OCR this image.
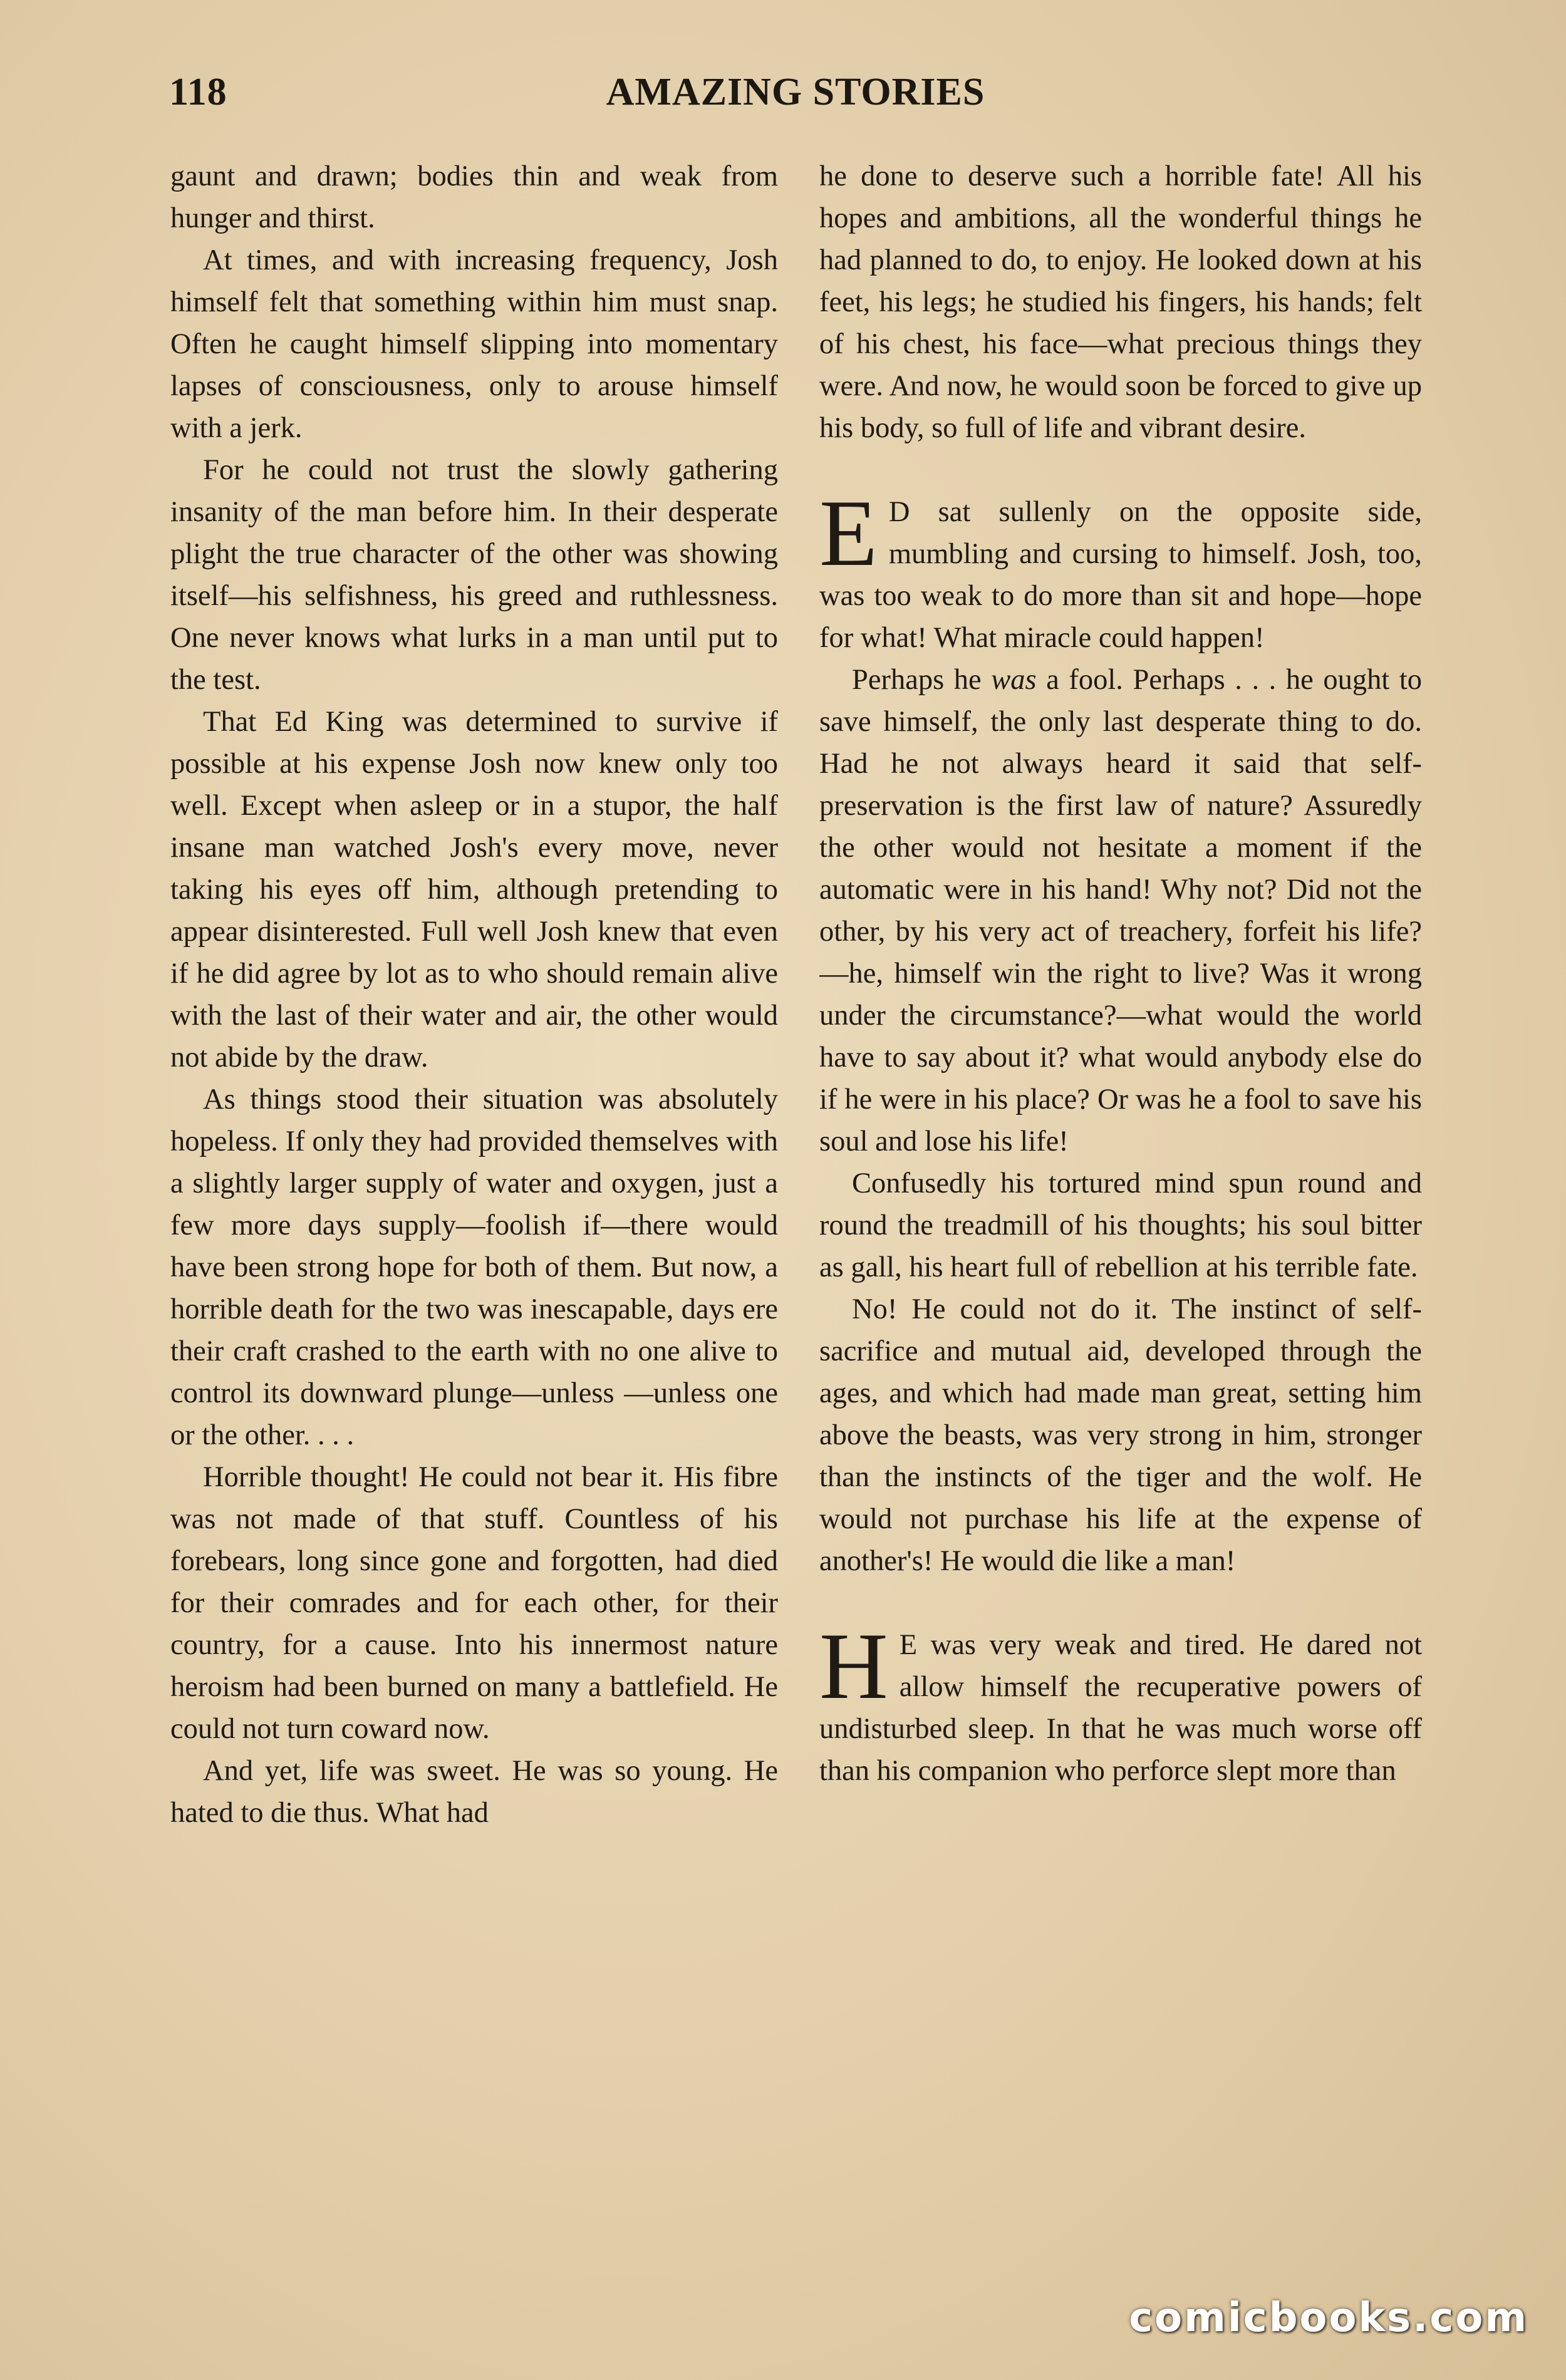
118	AMAZING STORIES

gaunt and drawn; bodies thin and weak from hunger and thirst.

At times, and with increasing frequency, Josh himself felt that something within him must snap. Often he caught himself slipping into momentary lapses of consciousness, only to arouse himself with a jerk.

For he could not trust the slowly gathering insanity of the man before him. In their desperate plight the true character of the other was showing itself—his selfishness, his greed and ruthlessness. One never knows what lurks in a man until put to the test.

That Ed King was determined to survive if possible at his expense Josh now knew only too well. Except when asleep or in a stupor, the half insane man watched Josh's every move, never taking his eyes off him, although pretending to appear disinterested. Full well Josh knew that even if he did agree by lot as to who should remain alive with the last of their water and air, the other would not abide by the draw.

As things stood their situation was absolutely hopeless. If only they had provided themselves with a slightly larger supply of water and oxygen, just a few more days supply—foolish if—there would have been strong hope for both of them. But now, a horrible death for the two was inescapable, days ere their craft crashed to the earth with no one alive to control its downward plunge—unless —unless one or the other. . . .

Horrible thought! He could not bear it. His fibre was not made of that stuff. Countless of his forebears, long since gone and forgotten, had died for their comrades and for each other, for their country, for a cause. Into his innermost nature heroism had been burned on many a battlefield. He could not turn coward now.

And yet, life was sweet. He was so young. He hated to die thus. What had

he done to deserve such a horrible fate! All his hopes and ambitions, all the wonderful things he had planned to do, to enjoy. He looked down at his feet, his legs; he studied his fingers, his hands; felt of his chest, his face—what precious things they were. And now, he would soon be forced to give up his body, so full of life and vibrant desire.

E D sat sullenly on the opposite side, mumbling and cursing to himself. Josh, too, was too weak to do more than sit and hope—hope for what! What miracle could happen!

Perhaps he was a fool. Perhaps . . . he ought to save himself, the only last desperate thing to do. Had he not always heard it said that self-preservation is the first law of nature? Assuredly the other would not hesitate a moment if the automatic were in his hand! Why not? Did not the other, by his very act of treachery, forfeit his life?—he, himself win the right to live? Was it wrong under the circumstance?—what would the world have to say about it? what would anybody else do if he were in his place? Or was he a fool to save his soul and lose his life!

Confusedly his tortured mind spun round and round the treadmill of his thoughts; his soul bitter as gall, his heart full of rebellion at his terrible fate.

No! He could not do it. The instinct of self-sacrifice and mutual aid, developed through the ages, and which had made man great, setting him above the beasts, was very strong in him, stronger than the instincts of the tiger and the wolf. He would not purchase his life at the expense of another's! He would die like a man!

H E was very weak and tired. He dared not allow himself the recuperative powers of undisturbed sleep. In that he was much worse off than his companion who perforce slept more than

comicbooks.com
